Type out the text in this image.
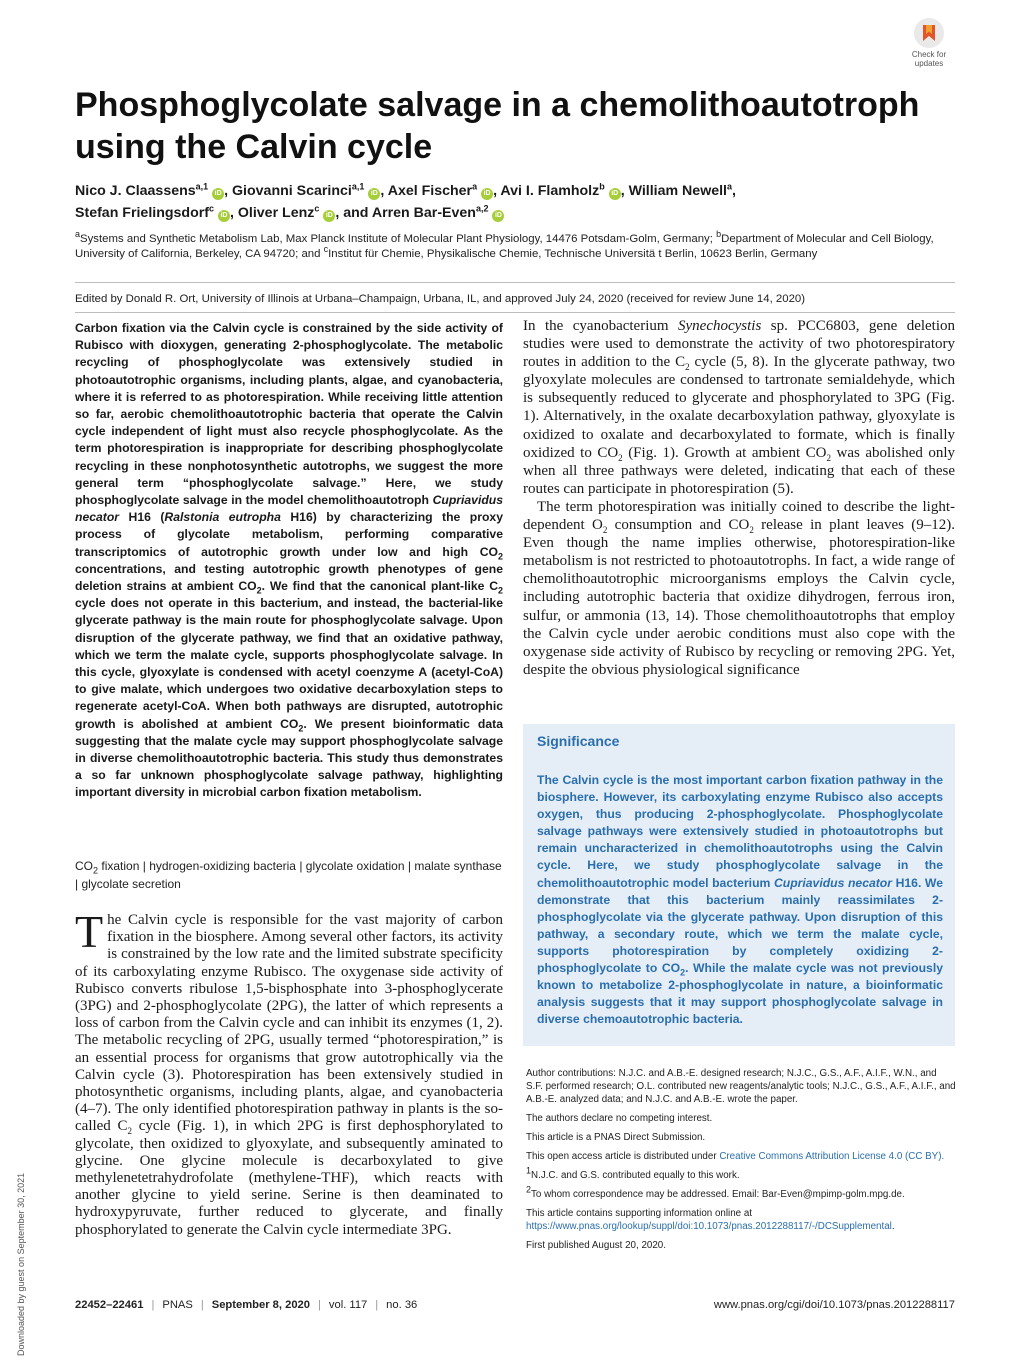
Check for
updates
Phosphoglycolate salvage in a chemolithoautotroph using the Calvin cycle
Nico J. Claassens$^{a,1}$ iD , Giovanni Scarinci$^{a,1}$ iD , Axel Fischer$^a$ iD , Avi I. Flamholz$^b$ iD , William Newell$^a$,
Stefan Frielingsdorf$^c$ iD , Oliver Lenz$^c$ iD , and Arren Bar-Even$^{a,2}$ iD
$^a$Systems and Synthetic Metabolism Lab, Max Planck Institute of Molecular Plant Physiology, 14476 Potsdam-Golm, Germany; $^b$Department of Molecular and Cell Biology, University of California, Berkeley, CA 94720; and $^c$Institut für Chemie, Physikalische Chemie, Technische Universitä t Berlin, 10623 Berlin, Germany
Edited by Donald R. Ort, University of Illinois at Urbana–Champaign, Urbana, IL, and approved July 24, 2020 (received for review June 14, 2020)
Carbon fixation via the Calvin cycle is constrained by the side activity of Rubisco with dioxygen, generating 2-phosphoglycolate. The metabolic recycling of phosphoglycolate was extensively studied in photoautotrophic organisms, including plants, algae, and cyanobacteria, where it is referred to as photorespiration. While receiving little attention so far, aerobic chemolithoautotrophic bacteria that operate the Calvin cycle independent of light must also recycle phosphoglycolate. As the term photorespiration is inappropriate for describing phosphoglycolate recycling in these nonphotosynthetic autotrophs, we suggest the more general term “phosphoglycolate salvage.” Here, we study phosphoglycolate salvage in the model chemolithoautotroph Cupriavidus necator H16 (Ralstonia eutropha H16) by characterizing the proxy process of glycolate metabolism, performing comparative transcriptomics of autotrophic growth under low and high $CO_2$ concentrations, and testing autotrophic growth phenotypes of gene deletion strains at ambient $CO_2$. We find that the canonical plant-like $C_2$ cycle does not operate in this bacterium, and instead, the bacterial-like glycerate pathway is the main route for phosphoglycolate salvage. Upon disruption of the glycerate pathway, we find that an oxidative pathway, which we term the malate cycle, supports phosphoglycolate salvage. In this cycle, glyoxylate is condensed with acetyl coenzyme A (acetyl-CoA) to give malate, which undergoes two oxidative decarboxylation steps to regenerate acetyl-CoA. When both pathways are disrupted, autotrophic growth is abolished at ambient $CO_2$. We present bioinformatic data suggesting that the malate cycle may support phosphoglycolate salvage in diverse chemolithoautotrophic bacteria. This study thus demonstrates a so far unknown phosphoglycolate salvage pathway, highlighting important diversity in microbial carbon fixation metabolism.
$CO_2$ fixation | hydrogen-oxidizing bacteria | glycolate oxidation | malate synthase | glycolate secretion
The Calvin cycle is responsible for the vast majority of carbon fixation in the biosphere. Among several other factors, its activity is constrained by the low rate and the limited substrate specificity of its carboxylating enzyme Rubisco. The oxygenase side activity of Rubisco converts ribulose 1,5-bisphosphate into 3-phosphoglycerate (3PG) and 2-phosphoglycolate (2PG), the latter of which represents a loss of carbon from the Calvin cycle and can inhibit its enzymes (1, 2). The metabolic recycling of 2PG, usually termed “photorespiration,” is an essential process for organisms that grow autotrophically via the Calvin cycle (3). Photorespiration has been extensively studied in photosynthetic organisms, including plants, algae, and cyanobacteria (4–7). The only identified photorespiration pathway in plants is the so-called $C_2$ cycle (Fig. 1), in which 2PG is first dephosphorylated to glycolate, then oxidized to glyoxylate, and subsequently aminated to glycine. One glycine molecule is decarboxylated to give methylenetetrahydrofolate (methylene-THF), which reacts with another glycine to yield serine. Serine is then deaminated to hydroxypyruvate, further reduced to glycerate, and finally phosphorylated to generate the Calvin cycle intermediate 3PG.

In the cyanobacterium Synechocystis sp. PCC6803, gene deletion studies were used to demonstrate the activity of two photorespiratory routes in addition to the $C_2$ cycle (5, 8). In the glycerate pathway, two glyoxylate molecules are condensed to tartronate semialdehyde, which is subsequently reduced to glycerate and phosphorylated to 3PG (Fig. 1). Alternatively, in the oxalate decarboxylation pathway, glyoxylate is oxidized to oxalate and decarboxylated to formate, which is finally oxidized to $CO_2$ (Fig. 1). Growth at ambient $CO_2$ was abolished only when all three pathways were deleted, indicating that each of these routes can participate in photorespiration (5).

The term photorespiration was initially coined to describe the light-dependent $O_2$ consumption and $CO_2$ release in plant leaves (9–12). Even though the name implies otherwise, photorespiration-like metabolism is not restricted to photoautotrophs. In fact, a wide range of chemolithoautotrophic microorganisms employs the Calvin cycle, including autotrophic bacteria that oxidize dihydrogen, ferrous iron, sulfur, or ammonia (13, 14). Those chemolithoautotrophs that employ the Calvin cycle under aerobic conditions must also cope with the oxygenase side activity of Rubisco by recycling or removing 2PG. Yet, despite the obvious physiological significance

Significance
The Calvin cycle is the most important carbon fixation pathway in the biosphere. However, its carboxylating enzyme Rubisco also accepts oxygen, thus producing 2-phosphoglycolate. Phosphoglycolate salvage pathways were extensively studied in photoautotrophs but remain uncharacterized in chemolithoautotrophs using the Calvin cycle. Here, we study phosphoglycolate salvage in the chemolithoautotrophic model bacterium Cupriavidus necator H16. We demonstrate that this bacterium mainly reassimilates 2-phosphoglycolate via the glycerate pathway. Upon disruption of this pathway, a secondary route, which we term the malate cycle, supports photorespiration by completely oxidizing 2-phosphoglycolate to $CO_2$. While the malate cycle was not previously known to metabolize 2-phosphoglycolate in nature, a bioinformatic analysis suggests that it may support phosphoglycolate salvage in diverse chemoautotrophic bacteria.

Author contributions: N.J.C. and A.B.-E. designed research; N.J.C., G.S., A.F., A.I.F., W.N., and S.F. performed research; O.L. contributed new reagents/analytic tools; N.J.C., G.S., A.F., A.I.F., and A.B.-E. analyzed data; and N.J.C. and A.B.-E. wrote the paper.

The authors declare no competing interest.

This article is a PNAS Direct Submission.

This open access article is distributed under Creative Commons Attribution License 4.0 (CC BY).

$^1$N.J.C. and G.S. contributed equally to this work.

$^2$To whom correspondence may be addressed. Email: Bar-Even@mpimp-golm.mpg.de.

This article contains supporting information online at https://www.pnas.org/lookup/suppl/doi:10.1073/pnas.2012288117/-/DCSupplemental.

First published August 20, 2020.

Downloaded by guest on September 30, 2021	22452–22461 | PNAS | September 8, 2020 | vol. 117 | no. 36	www.pnas.org/cgi/doi/10.1073/pnas.2012288117
